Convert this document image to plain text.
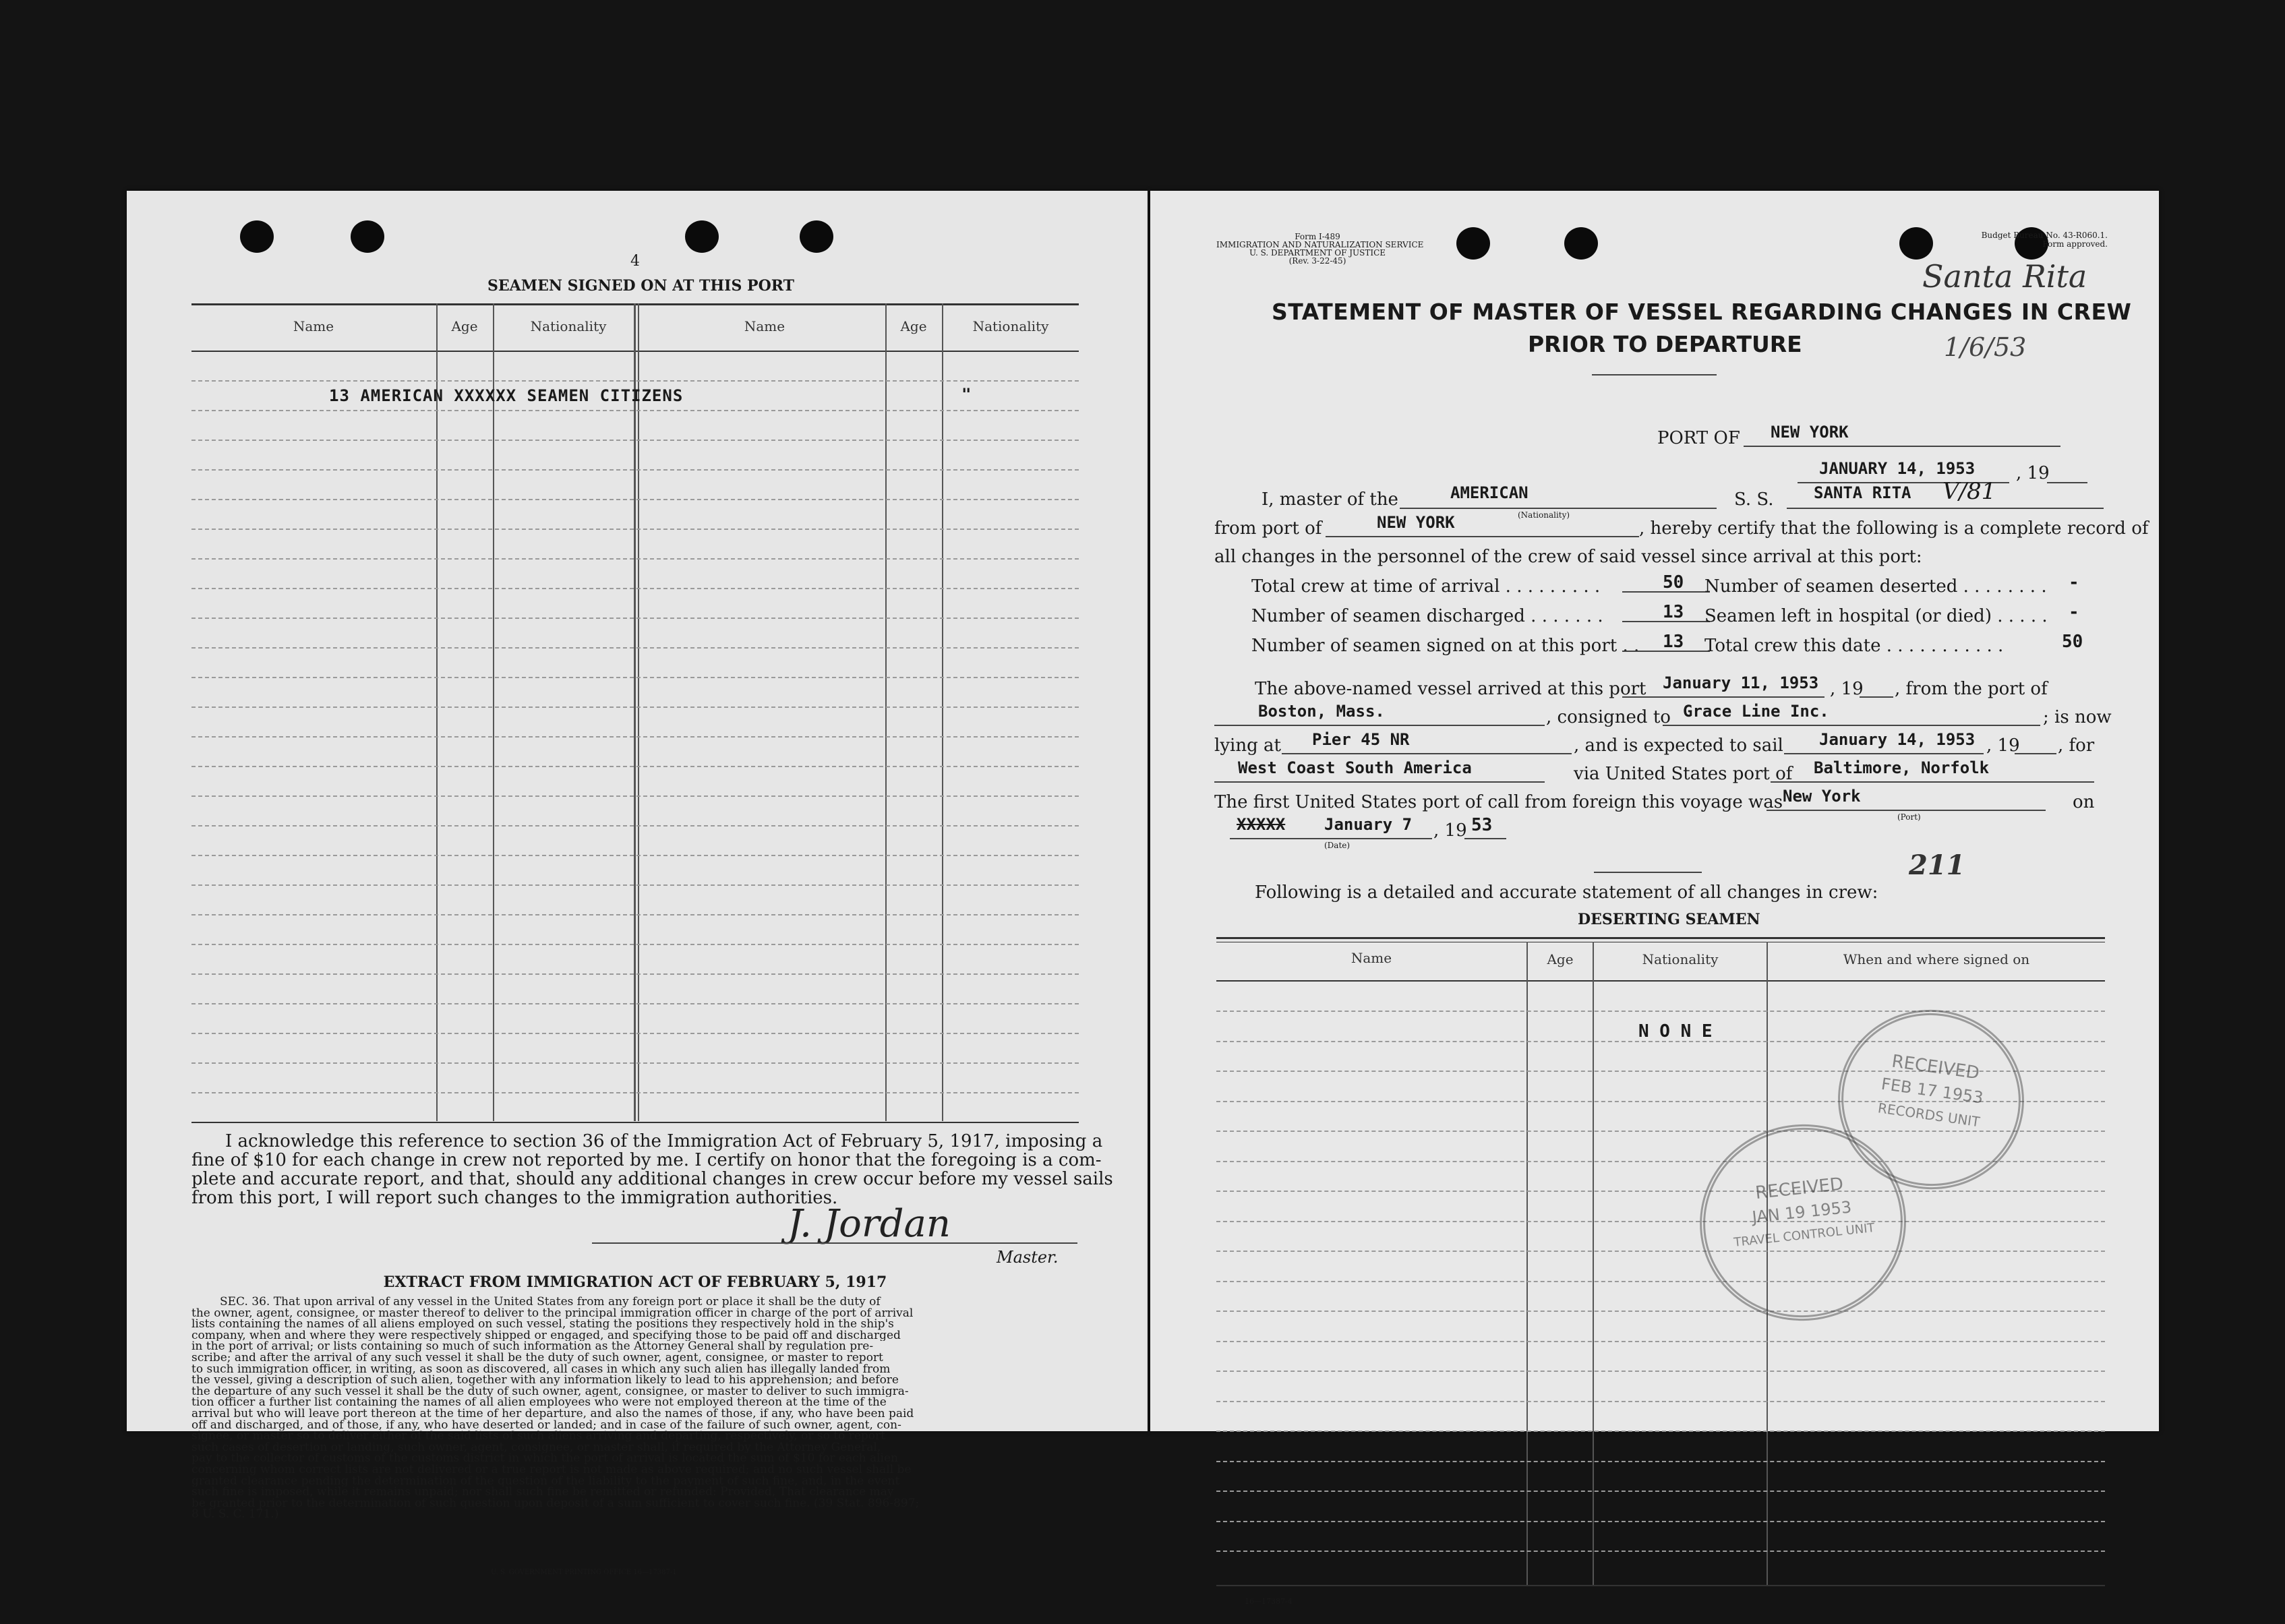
4
SEAMEN SIGNED ON AT THIS PORT
Name	Age	Nationality	Name	Age	Nationality
13 AMERICAN XXXXXX SEAMEN CITIZENS	"
I acknowledge this reference to section 36 of the Immigration Act of February 5, 1917, imposing a
fine of $10 for each change in crew not reported by me. I certify on honor that the foregoing is a com-
plete and accurate report, and that, should any additional changes in crew occur before my vessel sails
from this port, I will report such changes to the immigration authorities.
J. Jordan
Master.
EXTRACT FROM IMMIGRATION ACT OF FEBRUARY 5, 1917
SEC. 36. That upon arrival of any vessel in the United States from any foreign port or place it shall be the duty of
the owner, agent, consignee, or master thereof to deliver to the principal immigration officer in charge of the port of arrival
lists containing the names of all aliens employed on such vessel, stating the positions they respectively hold in the ship's
company, when and where they were respectively shipped or engaged, and specifying those to be paid off and discharged
in the port of arrival; or lists containing so much of such information as the Attorney General shall by regulation pre-
scribe; and after the arrival of any such vessel it shall be the duty of such owner, agent, consignee, or master to report
to such immigration officer, in writing, as soon as discovered, all cases in which any such alien has illegally landed from
the vessel, giving a description of such alien, together with any information likely to lead to his apprehension; and before
the departure of any such vessel it shall be the duty of such owner, agent, consignee, or master to deliver to such immigra-
tion officer a further list containing the names of all alien employees who were not employed thereon at the time of the
arrival but who will leave port thereon at the time of her departure, and also the names of those, if any, who have been paid
off and discharged, and of those, if any, who have deserted or landed; and in case of the failure of such owner, agent, con-
signee, or master so to deliver either of the said lists of such aliens arriving and departing, respectively, or so to report
such cases of desertion or landing, such owner, agent, consignee, or master shall, if required by the Attorney General,
pay to the collector of customs of the customs district in which the port of arrival is located the sum of $10 for each alien
concerning whom correct lists are not delivered or a true report is not made as above required; and no such vessel shall be
granted clearance pending the determination of the question of the liability to the payment of such fine, and, in the event
such fine is imposed, while it remains unpaid; nor shall such fine be remitted or refunded: Provided, That clearance may
be granted prior to the determination of such question upon deposit of a sum sufficient to cover such fine. (39 Stat. 896-897;
8 U. S. C. 171.)
U. S. GOVERNMENT PRINTING OFFICE 16—17387-1
Form I-489
IMMIGRATION AND NATURALIZATION SERVICE
U. S. DEPARTMENT OF JUSTICE
(Rev. 3-22-45)
Budget Bureau No. 43-R060.1.
Form approved.
Santa Rita
1/6/53
STATEMENT OF MASTER OF VESSEL REGARDING CHANGES IN CREW
PRIOR TO DEPARTURE
PORT OF NEW YORK
JANUARY 14, 1953 , 19
I, master of the	AMERICAN
(Nationality)
S. S. SANTA RITA V/81
from port of	NEW YORK	, hereby certify that the following is a complete record of
all changes in the personnel of the crew of said vessel since arrival at this port:
Total crew at time of arrival . . . . . . . . .	50
Number of seamen discharged . . . . . . .	13
Number of seamen signed on at this port . . 13
Number of seamen deserted . . . . . . . . -
Seamen left in hospital (or died) . . . . . -
Total crew this date . . . . . . . . . . .	50
The above-named vessel arrived at this port January 11, 1953 , 19 , from the port of
Boston, Mass.	, consigned to Grace Line Inc.	; is now
lying at Pier 45 NR	, and is expected to sail January 14, 1953 , 19 , for
West Coast South America	via United States port of Baltimore, Norfolk
The first United States port of call from foreign this voyage was New York
(Port)
on
XXXXX January 7 , 19 53
(Date)
211
Following is a detailed and accurate statement of all changes in crew:
DESERTING SEAMEN
Name	Age	Nationality	When and where signed on
N O N E
RECEIVED
FEB 17 1953
RECORDS UNIT
RECEIVED
JAN 19 1953
TRAVEL CONTROL UNIT
16—17387-4
